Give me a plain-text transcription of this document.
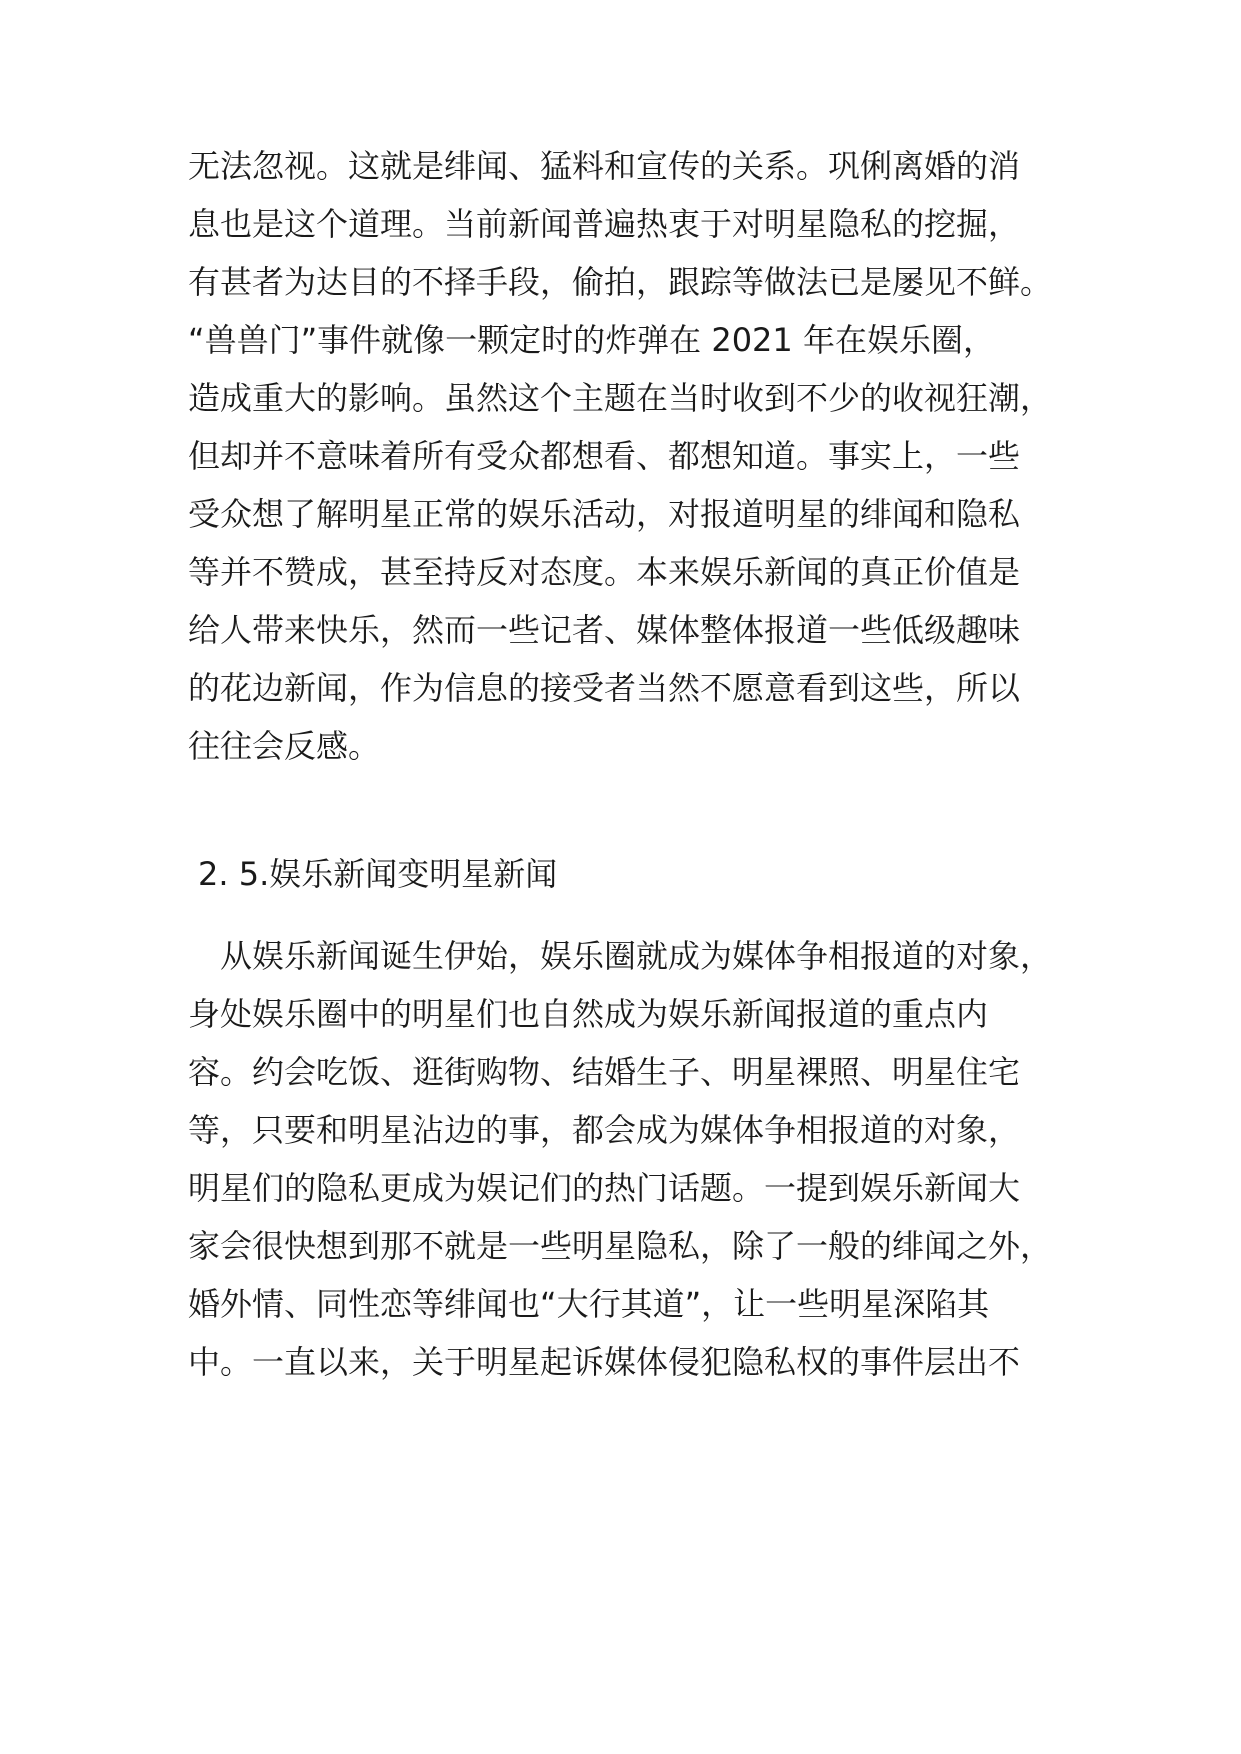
无法忽视。这就是绯闻、猛料和宣传的关系。巩俐离婚的消

息也是这个道理。当前新闻普遍热衷于对明星隐私的挖掘，

有甚者为达目的不择手段，偷拍，跟踪等做法已是屡见不鲜。

“兽兽门”事件就像一颗定时的炸弹在 2021 年在娱乐圈，

造成重大的影响。虽然这个主题在当时收到不少的收视狂潮，

但却并不意味着所有受众都想看、都想知道。事实上，一些

受众想了解明星正常的娱乐活动，对报道明星的绯闻和隐私

等并不赞成，甚至持反对态度。本来娱乐新闻的真正价值是

给人带来快乐，然而一些记者、媒体整体报道一些低级趣味

的花边新闻，作为信息的接受者当然不愿意看到这些，所以

往往会反感。

2. 5.娱乐新闻变明星新闻

　从娱乐新闻诞生伊始，娱乐圈就成为媒体争相报道的对象，

身处娱乐圈中的明星们也自然成为娱乐新闻报道的重点内

容。约会吃饭、逛街购物、结婚生子、明星裸照、明星住宅

等，只要和明星沾边的事，都会成为媒体争相报道的对象，

明星们的隐私更成为娱记们的热门话题。一提到娱乐新闻大

家会很快想到那不就是一些明星隐私，除了一般的绯闻之外，

婚外情、同性恋等绯闻也“大行其道”，让一些明星深陷其

中。一直以来，关于明星起诉媒体侵犯隐私权的事件层出不
